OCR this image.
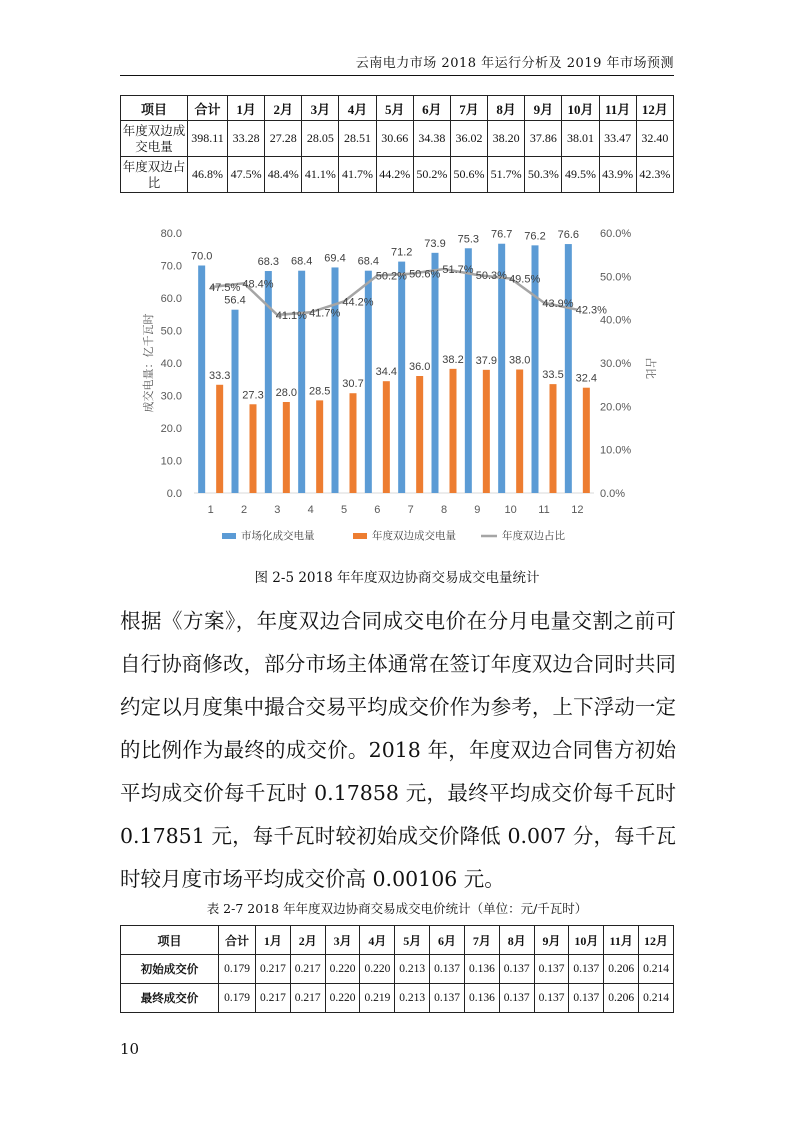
云南电力市场 2018 年运行分析及 2019 年市场预测
项目	合计	1月	2月	3月	4月	5月	6月	7月	8月	9月	10月	11月	12月
年度双边成交电量	398.11	33.28	27.28	28.05	28.51	30.66	34.38	36.02	38.20	37.86	38.01	33.47	32.40
年度双边占比	46.8%	47.5%	48.4%	41.1%	41.7%	44.2%	50.2%	50.6%	51.7%	50.3%	49.5%	43.9%	42.3%
0.0
10.0
20.0
30.0
40.0
50.0
60.0
70.0
80.0
0.0%
10.0%
20.0%
30.0%
40.0%
50.0%
60.0%
1 2 3 4 5 6 7 8 9 10 11 12
成交电量：亿千瓦时	占比
70.0
56.4
68.3 68.4 69.4 68.4
71.2
73.9 75.3 76.7 76.2 76.6
33.3
27.3 28.0 28.5
30.7
34.4 36.0
38.2 37.9 38.0
33.5 32.4
47.5% 48.4%
41.1% 41.7%
44.2%
50.2% 50.6% 51.7%
50.3% 49.5%
43.9%
42.3%
市场化成交电量	年度双边成交电量	年度双边占比
图 2-5 2018 年年度双边协商交易成交电量统计

根据《方案》，年度双边合同成交电价在分月电量交割之前可自行协商修改，部分市场主体通常在签订年度双边合同时共同约定以月度集中撮合交易平均成交价作为参考，上下浮动一定的比例作为最终的成交价。2018 年，年度双边合同售方初始平均成交价每千瓦时 0.17858 元，最终平均成交价每千瓦时 0.17851 元，每千瓦时较初始成交价降低 0.007 分，每千瓦时较月度市场平均成交价高 0.00106 元。

表 2-7 2018 年年度双边协商交易成交电价统计（单位：元/千瓦时）
项目	合计	1月	2月	3月	4月	5月	6月	7月	8月	9月	10月	11月	12月
初始成交价	0.179	0.217	0.217	0.220	0.220	0.213	0.137	0.136	0.137	0.137	0.137	0.206	0.214
最终成交价	0.179	0.217	0.217	0.220	0.219	0.213	0.137	0.136	0.137	0.137	0.137	0.206	0.214
10
